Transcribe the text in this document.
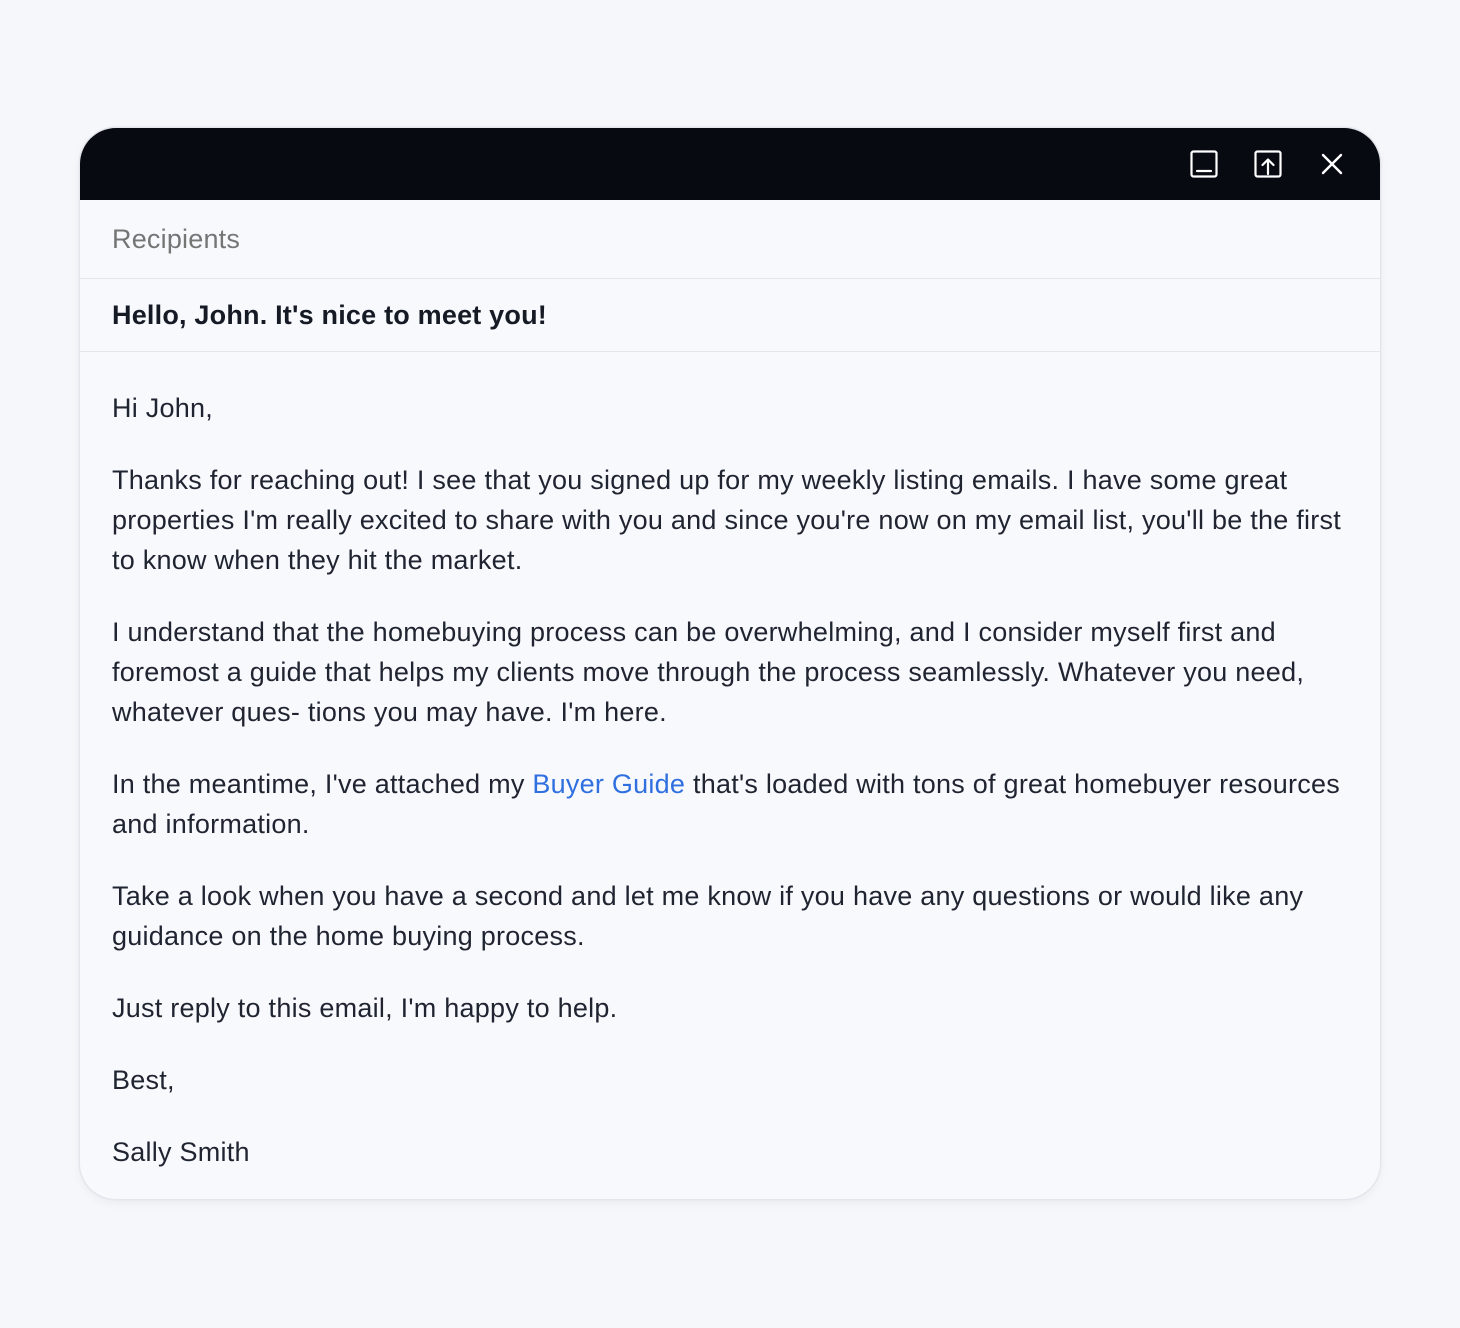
Recipients
Hello, John. It's nice to meet you!

Hi John,

Thanks for reaching out! I see that you signed up for my weekly listing emails. I have some great properties I'm really excited to share with you and since you're now on my email list, you'll be the first to know when they hit the market.

I understand that the homebuying process can be overwhelming, and I consider myself first and foremost a guide that helps my clients move through the process seamlessly. Whatever you need, whatever ques- tions you may have. I'm here.

In the meantime, I've attached my Buyer Guide that's loaded with tons of great homebuyer resources and information.

Take a look when you have a second and let me know if you have any questions or would like any guidance on the home buying process.

Just reply to this email, I'm happy to help.

Best,

Sally Smith
